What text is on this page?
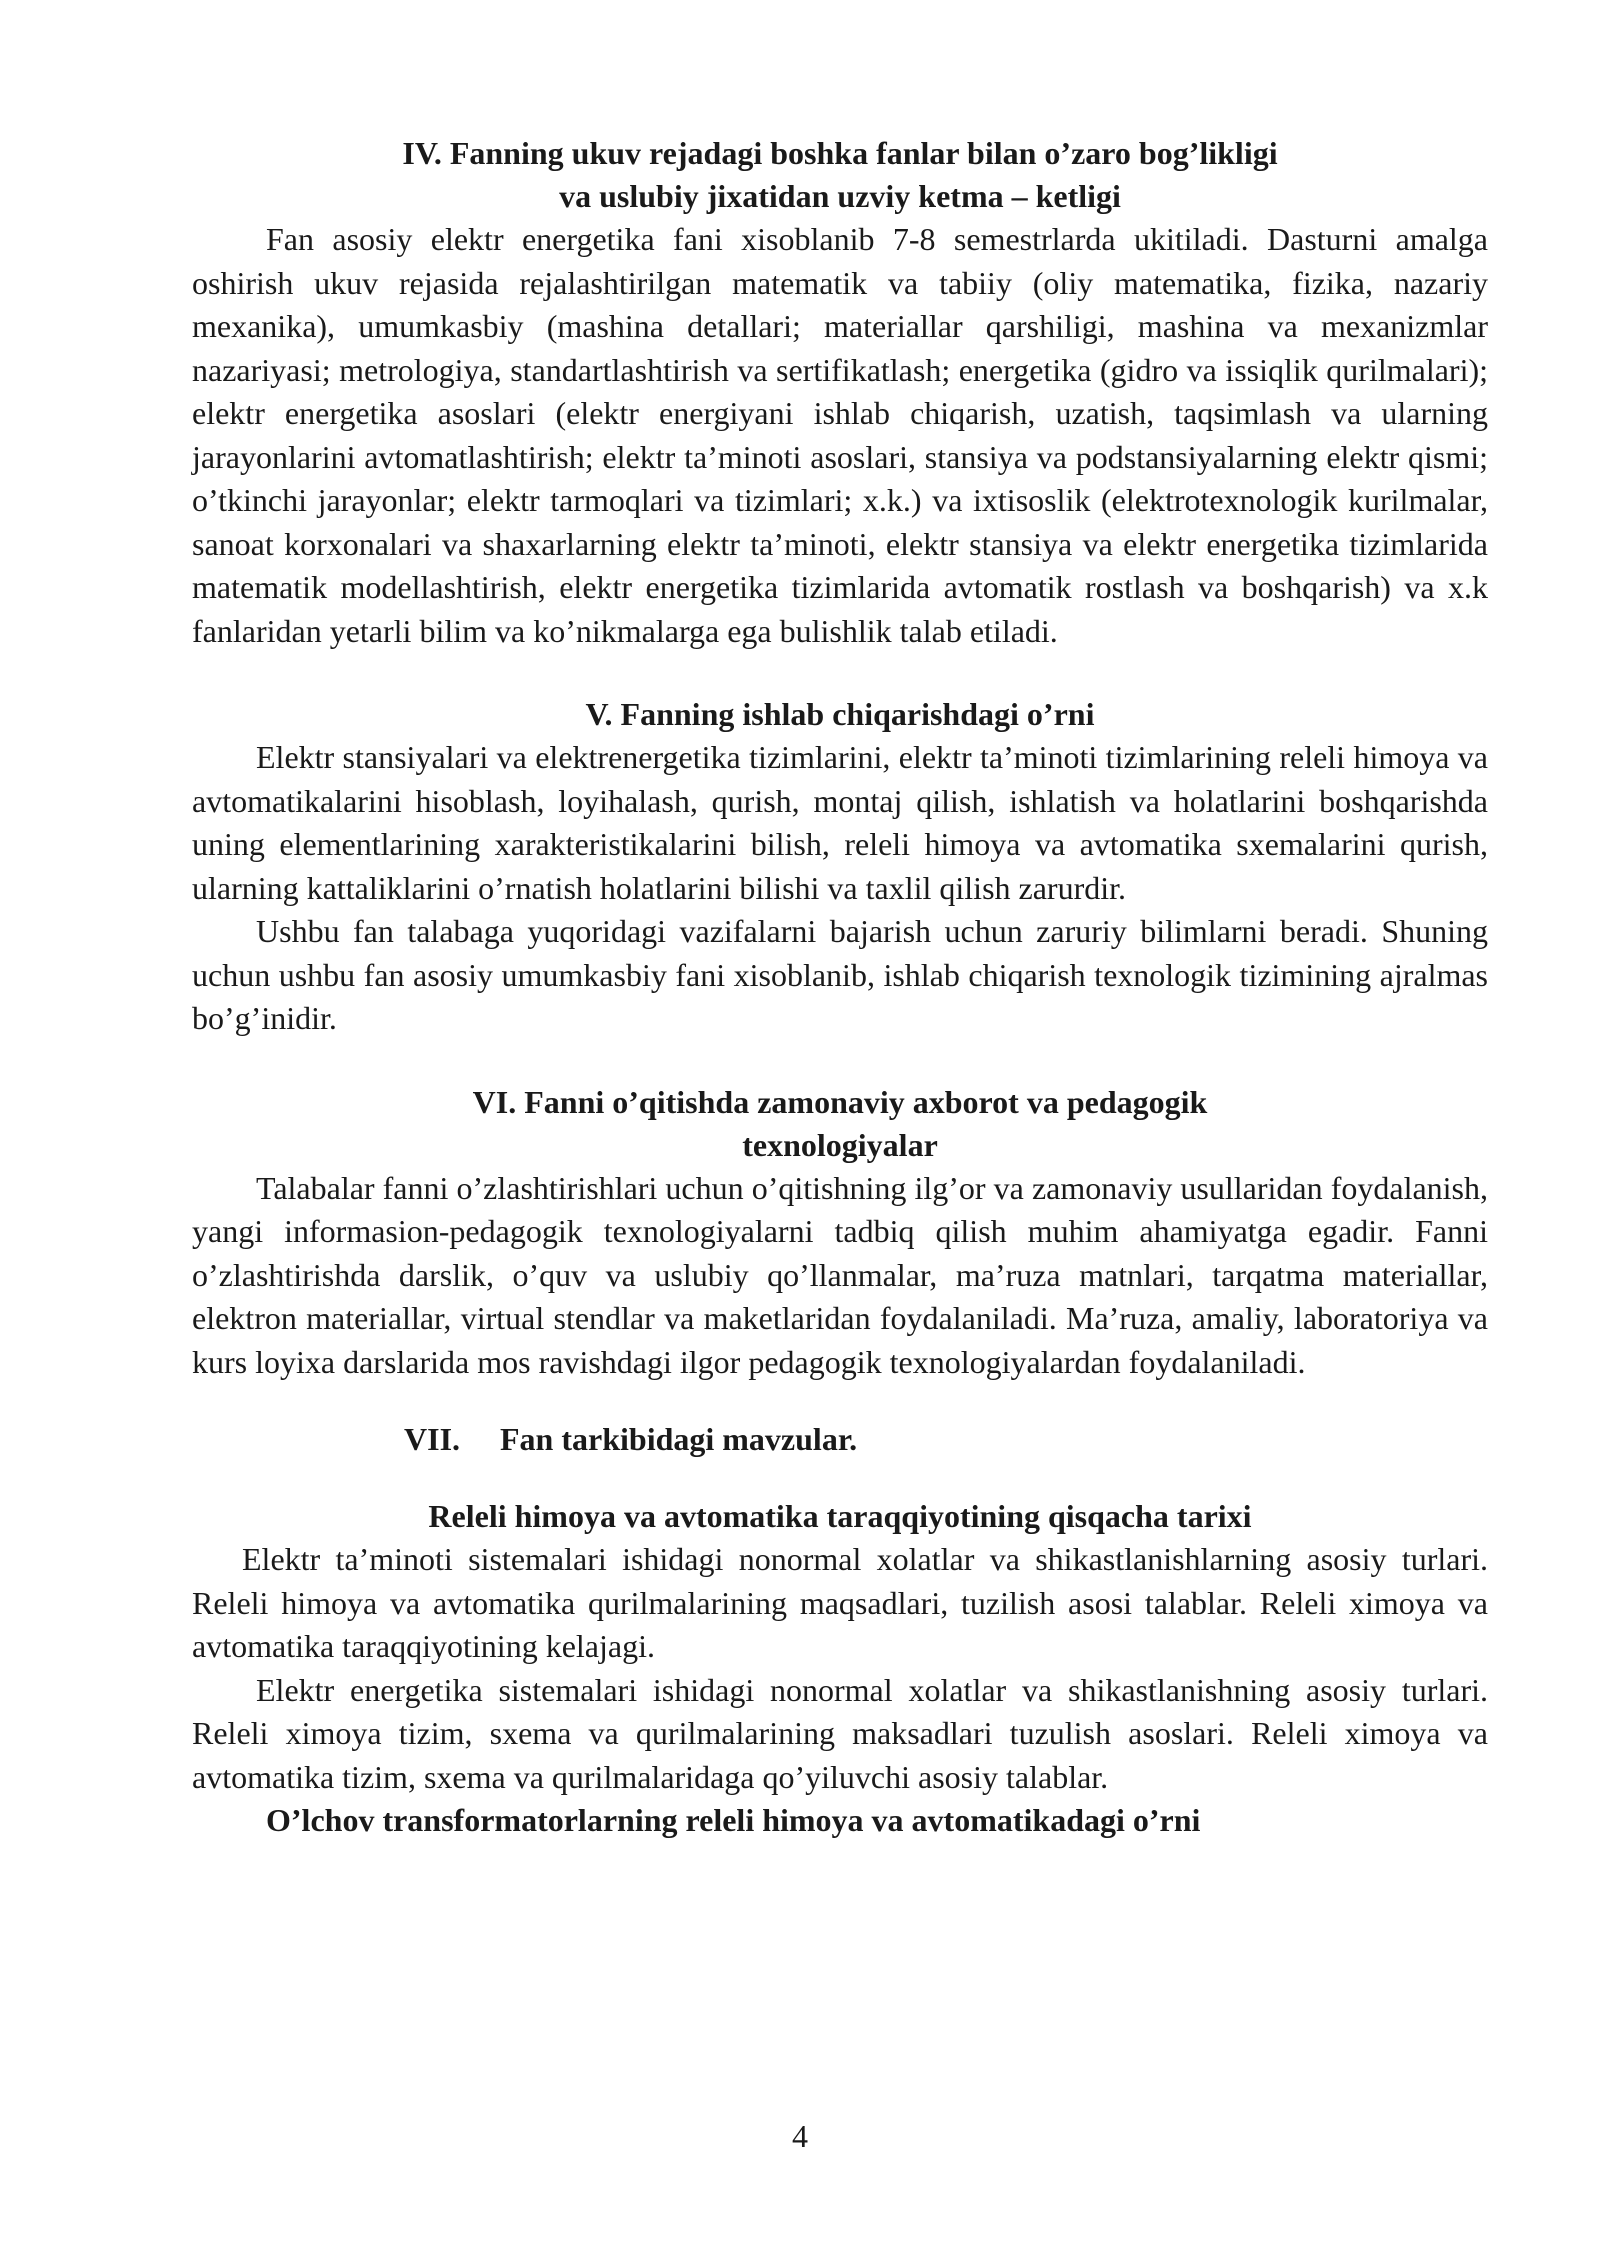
IV. Fanning ukuv rejadagi boshka fanlar bilan o’zaro bog’likligi

va uslubiy jixatidan uzviy ketma – ketligi

Fan asosiy elektr energetika fani xisoblanib 7-8 semestrlarda ukitiladi. Dasturni amalga oshirish ukuv rejasida rejalashtirilgan matematik va tabiiy (oliy matematika, fizika, nazariy mexanika), umumkasbiy (mashina detallari; materiallar qarshiligi, mashina va mexanizmlar nazariyasi; metrologiya, standartlashtirish va sertifikatlash; energetika (gidro va issiqlik qurilmalari); elektr energetika asoslari (elektr energiyani ishlab chiqarish, uzatish, taqsimlash va ularning jarayonlarini avtomatlashtirish; elektr ta’minoti asoslari, stansiya va podstansiyalarning elektr qismi; o’tkinchi jarayonlar; elektr tarmoqlari va tizimlari; x.k.) va ixtisoslik (elektrotexnologik kurilmalar, sanoat korxonalari va shaxarlarning elektr ta’minoti, elektr stansiya va elektr energetika tizimlarida matematik modellashtirish, elektr energetika tizimlarida avtomatik rostlash va boshqarish) va x.k fanlaridan yetarli bilim va ko’nikmalarga ega bulishlik talab etiladi.

V. Fanning ishlab chiqarishdagi o’rni

Elektr stansiyalari va elektrenergetika tizimlarini, elektr ta’minoti tizimlarining releli himoya va avtomatikalarini hisoblash, loyihalash, qurish, montaj qilish, ishlatish va holatlarini boshqarishda uning elementlarining xarakteristikalarini bilish, releli himoya va avtomatika sxemalarini qurish, ularning kattaliklarini o’rnatish holatlarini bilishi va taxlil qilish zarurdir.

Ushbu fan talabaga yuqoridagi vazifalarni bajarish uchun zaruriy bilimlarni beradi. Shuning uchun ushbu fan asosiy umumkasbiy fani xisoblanib, ishlab chiqarish texnologik tizimining ajralmas bo’g’inidir.

VI. Fanni o’qitishda zamonaviy axborot va pedagogik

texnologiyalar

Talabalar fanni o’zlashtirishlari uchun o’qitishning ilg’or va zamonaviy usullaridan foydalanish, yangi informasion-pedagogik texnologiyalarni tadbiq qilish muhim ahamiyatga egadir. Fanni o’zlashtirishda darslik, o’quv va uslubiy qo’llanmalar, ma’ruza matnlari, tarqatma materiallar, elektron materiallar, virtual stendlar va maketlaridan foydalaniladi. Ma’ruza, amaliy, laboratoriya va kurs loyixa darslarida mos ravishdagi ilgor pedagogik texnologiyalardan foydalaniladi.

VII. Fan tarkibidagi mavzular.

Releli himoya va avtomatika taraqqiyotining qisqacha tarixi

Elektr ta’minoti sistemalari ishidagi nonormal xolatlar va shikastlanishlarning asosiy turlari. Releli himoya va avtomatika qurilmalarining maqsadlari, tuzilish asosi talablar. Releli ximoya va avtomatika taraqqiyotining kelajagi.

Elektr energetika sistemalari ishidagi nonormal xolatlar va shikastlanishning asosiy turlari. Releli ximoya tizim, sxema va qurilmalarining maksadlari tuzulish asoslari. Releli ximoya va avtomatika tizim, sxema va qurilmalaridaga qo’yiluvchi asosiy talablar.

O’lchov transformatorlarning releli himoya va avtomatikadagi o’rni

4
